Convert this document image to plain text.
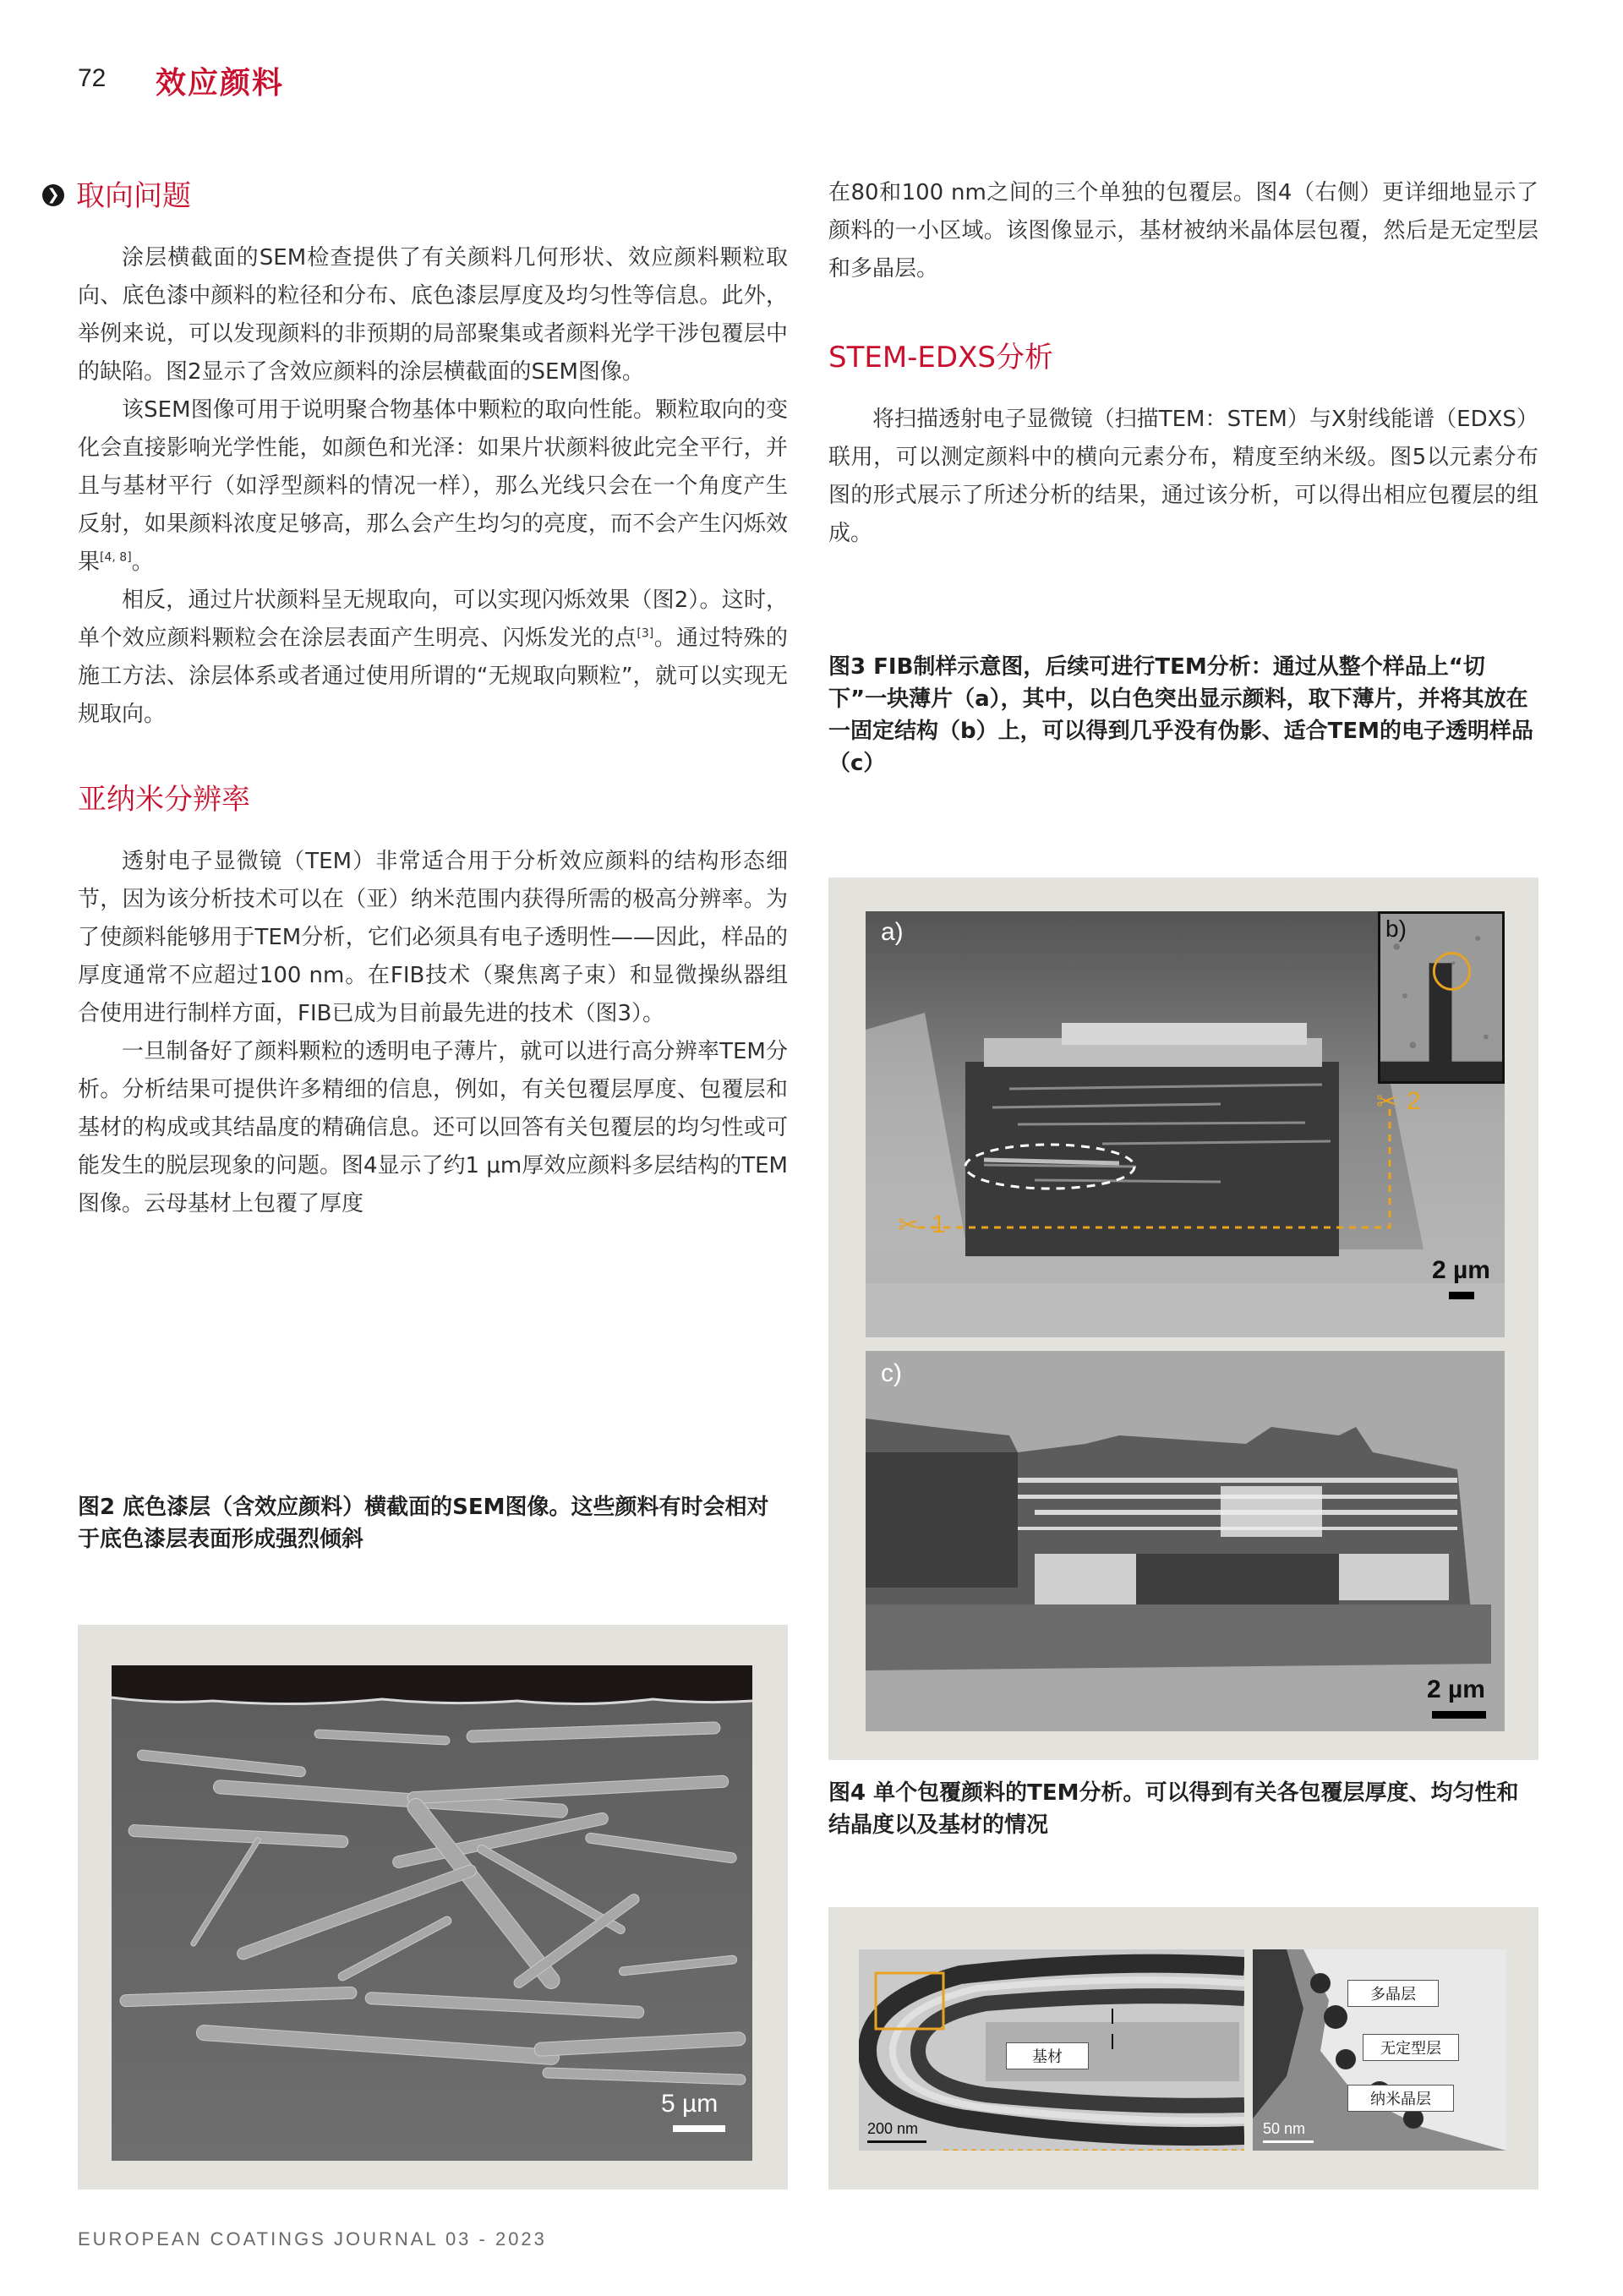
72 效应颜料
❯ 取向问题

涂层横截面的SEM检查提供了有关颜料几何形状、效应颜料颗粒取向、底色漆中颜料的粒径和分布、底色漆层厚度及均匀性等信息。此外，举例来说，可以发现颜料的非预期的局部聚集或者颜料光学干涉包覆层中的缺陷。图2显示了含效应颜料的涂层横截面的SEM图像。

该SEM图像可用于说明聚合物基体中颗粒的取向性能。颗粒取向的变化会直接影响光学性能，如颜色和光泽：如果片状颜料彼此完全平行，并且与基材平行（如浮型颜料的情况一样），那么光线只会在一个角度产生反射，如果颜料浓度足够高，那么会产生均匀的亮度，而不会产生闪烁效果[4, 8]。

相反，通过片状颜料呈无规取向，可以实现闪烁效果（图2）。这时，单个效应颜料颗粒会在涂层表面产生明亮、闪烁发光的点[3]。通过特殊的施工方法、涂层体系或者通过使用所谓的“无规取向颗粒”，就可以实现无规取向。

亚纳米分辨率

透射电子显微镜（TEM）非常适合用于分析效应颜料的结构形态细节，因为该分析技术可以在（亚）纳米范围内获得所需的极高分辨率。为了使颜料能够用于TEM分析，它们必须具有电子透明性——因此，样品的厚度通常不应超过100 nm。在FIB技术（聚焦离子束）和显微操纵器组合使用进行制样方面，FIB已成为目前最先进的技术（图3）。

一旦制备好了颜料颗粒的透明电子薄片，就可以进行高分辨率TEM分析。分析结果可提供许多精细的信息，例如，有关包覆层厚度、包覆层和基材的构成或其结晶度的精确信息。还可以回答有关包覆层的均匀性或可能发生的脱层现象的问题。图4显示了约1 μm厚效应颜料多层结构的TEM图像。云母基材上包覆了厚度

图2 底色漆层（含效应颜料）横截面的SEM图像。这些颜料有时会相对于底色漆层表面形成强烈倾斜
5 µm

在80和100 nm之间的三个单独的包覆层。图4（右侧）更详细地显示了颜料的一小区域。该图像显示，基材被纳米晶体层包覆，然后是无定型层和多晶层。

STEM-EDXS分析

将扫描透射电子显微镜（扫描TEM：STEM）与X射线能谱（EDXS）联用，可以测定颜料中的横向元素分布，精度至纳米级。图5以元素分布图的形式展示了所述分析的结果，通过该分析，可以得出相应包覆层的组成。

图3 FIB制样示意图，后续可进行TEM分析：通过从整个样品上“切下”一块薄片（a），其中，以白色突出显示颜料，取下薄片，并将其放在一固定结构（b）上，可以得到几乎没有伪影、适合TEM的电子透明样品（c）
a)
✂ 1
✂ 2
2 µm
b)
c)
2 µm
图4 单个包覆颜料的TEM分析。可以得到有关各包覆层厚度、均匀性和结晶度以及基材的情况
基材
200 nm
多晶层
无定型层
纳米晶层
50 nm
EUROPEAN COATINGS JOURNAL 03 - 2023
